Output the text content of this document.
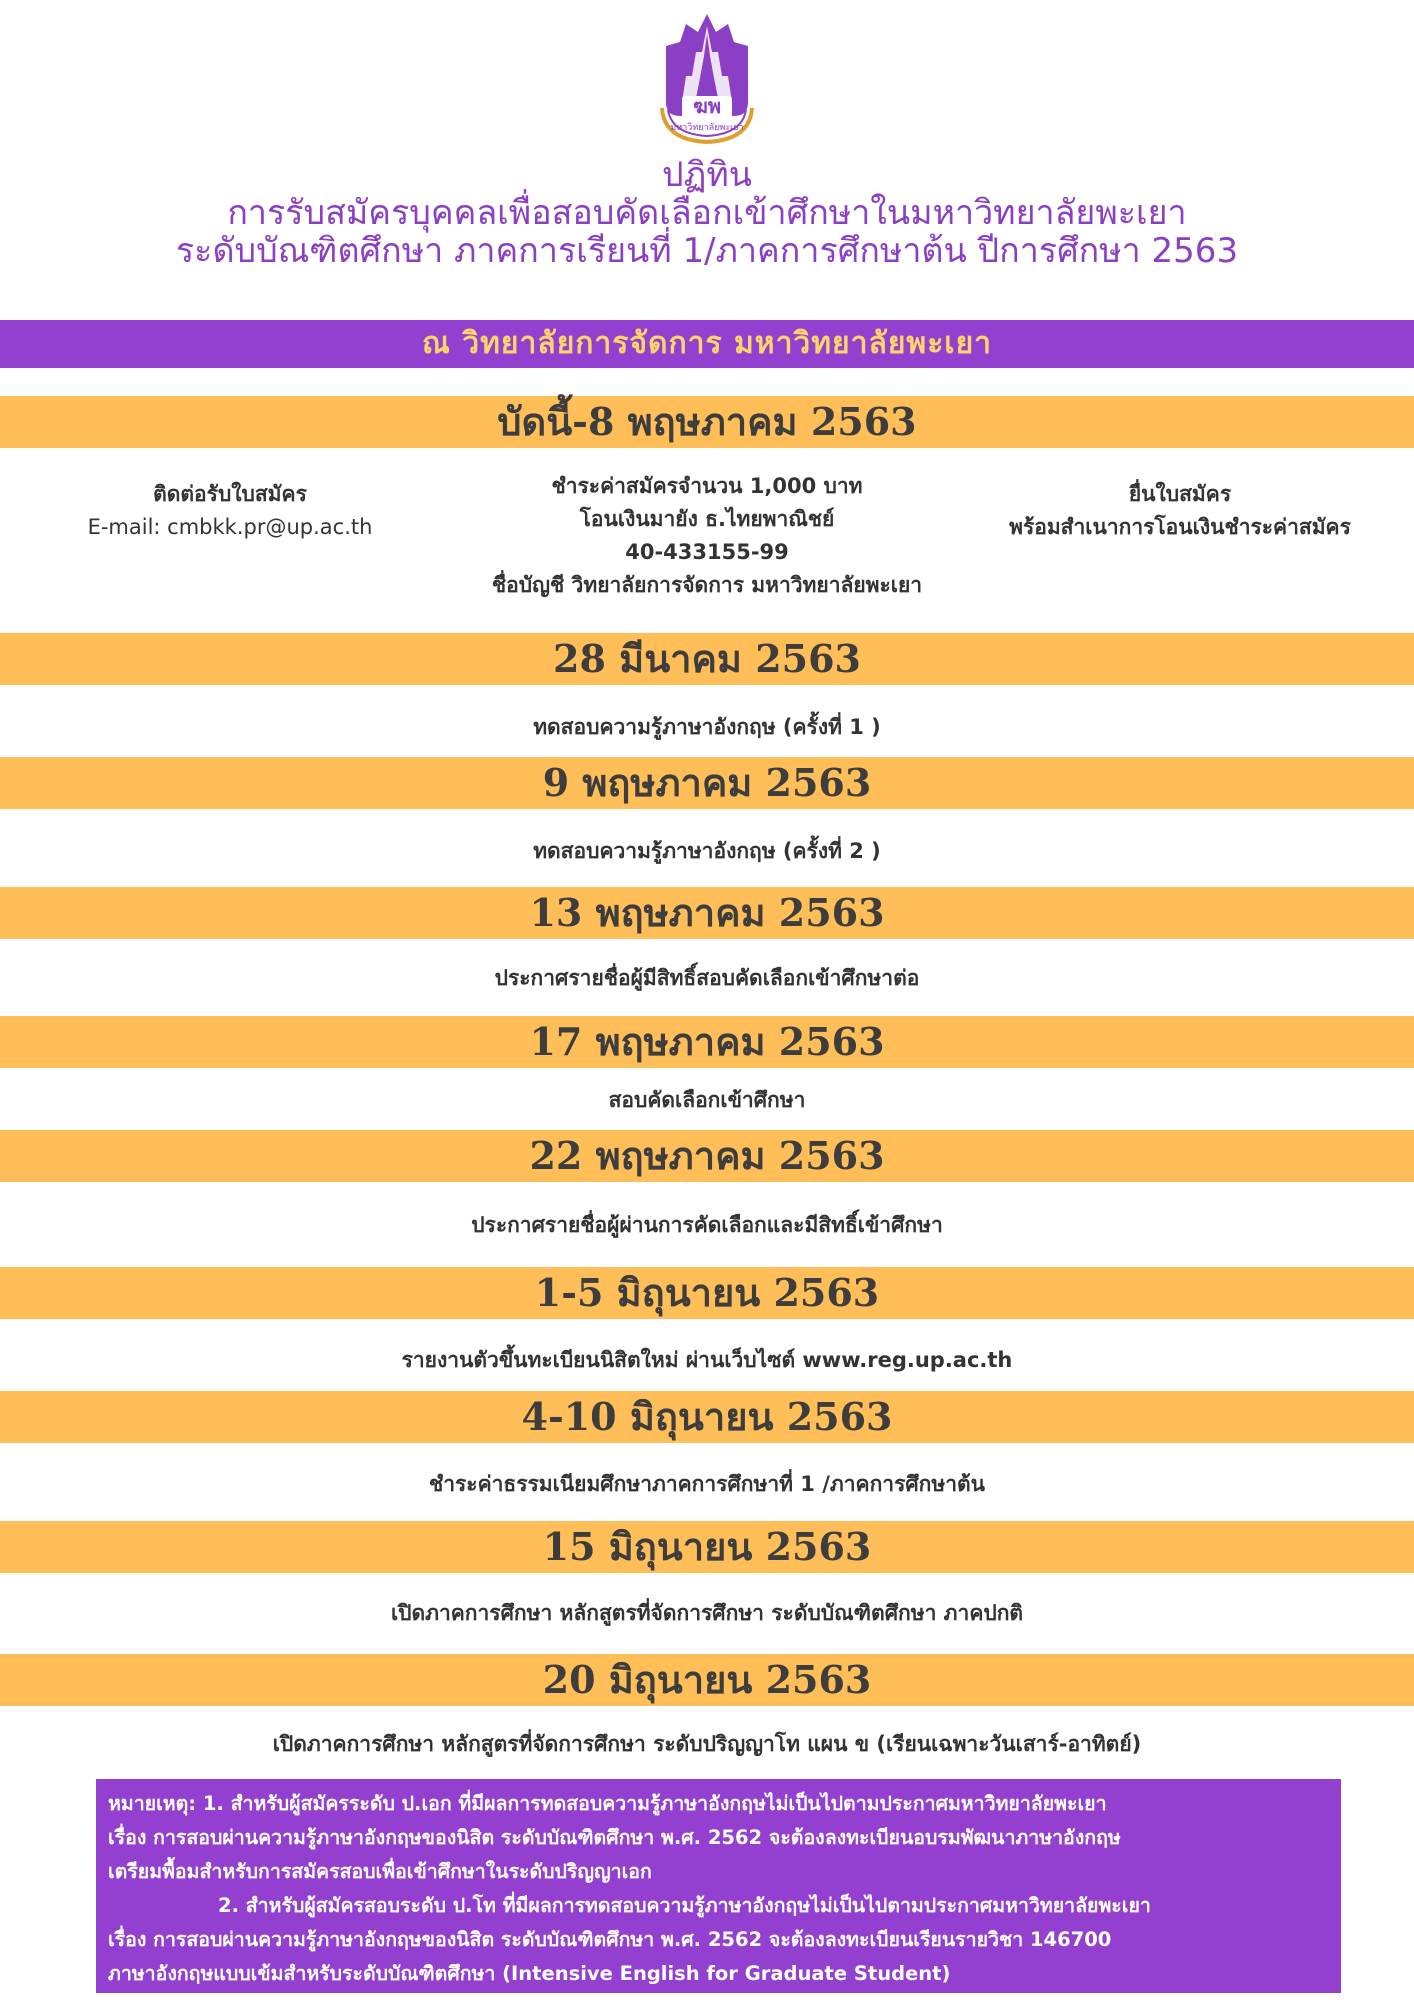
ฆพ
มหาวิทยาลัยพะเยา
ปฏิทิน
การรับสมัครบุคคลเพื่อสอบคัดเลือกเข้าศึกษาในมหาวิทยาลัยพะเยา
ระดับบัณฑิตศึกษา ภาคการเรียนที่ 1/ภาคการศึกษาต้น ปีการศึกษา 2563
ณ วิทยาลัยการจัดการ มหาวิทยาลัยพะเยา
บัดนี้-8 พฤษภาคม 2563
ติดต่อรับใบสมัคร
E-mail: cmbkk.pr@up.ac.th
ชำระค่าสมัครจำนวน 1,000 บาท
โอนเงินมายัง ธ.ไทยพาณิชย์
40-433155-99
ชื่อบัญชี วิทยาลัยการจัดการ มหาวิทยาลัยพะเยา
ยื่นใบสมัคร
พร้อมสำเนาการโอนเงินชำระค่าสมัคร
28 มีนาคม 2563
ทดสอบความรู้ภาษาอังกฤษ (ครั้งที่ 1 )
9 พฤษภาคม 2563
ทดสอบความรู้ภาษาอังกฤษ (ครั้งที่ 2 )
13 พฤษภาคม 2563
ประกาศรายชื่อผู้มีสิทธิ์สอบคัดเลือกเข้าศึกษาต่อ
17 พฤษภาคม 2563
สอบคัดเลือกเข้าศึกษา
22 พฤษภาคม 2563
ประกาศรายชื่อผู้ผ่านการคัดเลือกและมีสิทธิ์เข้าศึกษา
1-5 มิถุนายน 2563
รายงานตัวขึ้นทะเบียนนิสิตใหม่ ผ่านเว็บไซต์ www.reg.up.ac.th
4-10 มิถุนายน 2563
ชำระค่าธรรมเนียมศึกษาภาคการศึกษาที่ 1 /ภาคการศึกษาต้น
15 มิถุนายน 2563
เปิดภาคการศึกษา หลักสูตรที่จัดการศึกษา ระดับบัณฑิตศึกษา ภาคปกติ
20 มิถุนายน 2563
เปิดภาคการศึกษา หลักสูตรที่จัดการศึกษา ระดับปริญญาโท แผน ข (เรียนเฉพาะวันเสาร์-อาทิตย์)
หมายเหตุ: 1. สำหรับผู้สมัครระดับ ป.เอก ที่มีผลการทดสอบความรู้ภาษาอังกฤษไม่เป็นไปตามประกาศมหาวิทยาลัยพะเยา
เรื่อง การสอบผ่านความรู้ภาษาอังกฤษของนิสิต ระดับบัณฑิตศึกษา พ.ศ. 2562 จะต้องลงทะเบียนอบรมพัฒนาภาษาอังกฤษ
เตรียมพื้อมสำหรับการสมัครสอบเพื่อเข้าศึกษาในระดับปริญญาเอก
2. สำหรับผู้สมัครสอบระดับ ป.โท ที่มีผลการทดสอบความรู้ภาษาอังกฤษไม่เป็นไปตามประกาศมหาวิทยาลัยพะเยา
เรื่อง การสอบผ่านความรู้ภาษาอังกฤษของนิสิต ระดับบัณฑิตศึกษา พ.ศ. 2562 จะต้องลงทะเบียนเรียนรายวิชา 146700
ภาษาอังกฤษแบบเข้มสำหรับระดับบัณฑิตศึกษา (Intensive English for Graduate Student)
